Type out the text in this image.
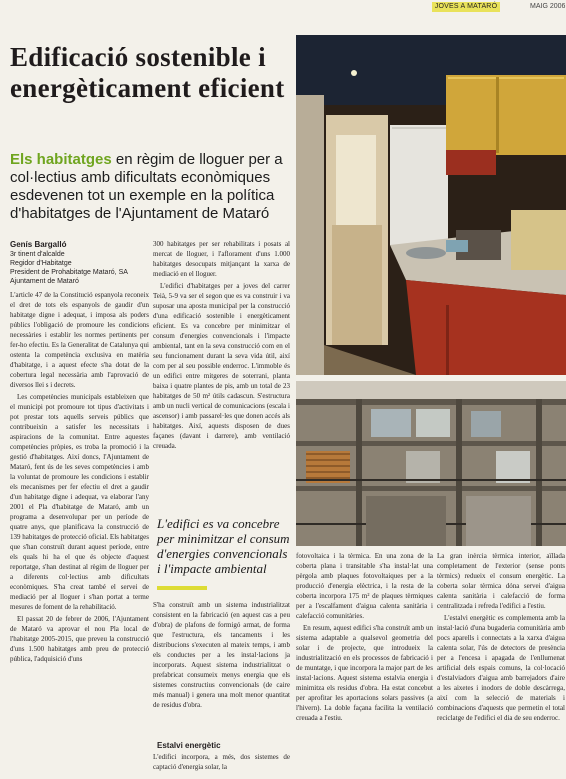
JOVES A MATARÓ	MAIG 2006
Edificació sostenible i energèticament eficient
Els habitatges en règim de lloguer per a col·lectius amb dificultats econòmiques esdevenen tot un exemple en la política d'habitatges de l'Ajuntament de Mataró
Genís Bargalló
3r tinent d'alcalde
Regidor d'Habitatge
President de Prohabitatge Mataró, SA
Ajuntament de Mataró

L'article 47 de la Constitució espanyola reconeix el dret de tots els espanyols de gaudir d'un habitatge digne i adequat, i imposa als poders públics l'obligació de promoure les condicions necessàries i establir les normes pertinents per fer-ho efectiu. Es la Generalitat de Catalunya qui ostenta la competència exclusiva en matèria d'habitatge, i a aquest efecte s'ha dotat de la cobertura legal necessària amb l'aprovació de diversos llei s i decrets.

Les competències municipals estableixen que el municipi pot promoure tot tipus d'activitats i pot prestar tots aquells serveis públics que contribueixin a satisfer les necessitats i aspiracions de la comunitat. Entre aquestes competències pròpies, es troba la promoció i la gestió d'habitatges. Així doncs, l'Ajuntament de Mataró, fent ús de les seves competències i amb la voluntat de promoure les condicions i establir els mecanismes per fer efectiu el dret a gaudir d'un habitatge digne i adequat, va elaborar l'any 2001 el Pla d'habitatge de Mataró, amb un programa a desenvolupar per un període de quatre anys, que planificava la construcció de 139 habitatges de protecció oficial. Els habitatges que s'han construït durant aquest període, entre els quals hi ha el que és objecte d'aquest reportatge, s'han destinat al règim de lloguer per a diferents col·lectius amb dificultats econòmiques. S'ha creat també el servei de mediació per al lloguer i s'han portat a terme mesures de foment de la rehabilitació.

El passat 20 de febrer de 2006, l'Ajuntament de Mataró va aprovar el nou Pla local de l'habitatge 2005-2015, que preveu la construcció d'uns 1.500 habitatges amb preu de protecció pública, l'adquisició d'uns

300 habitatges per ser rehabilitats i posats al mercat de lloguer, i l'aflorament d'uns 1.000 habitatges desocupats mitjançant la xarxa de mediació en el lloguer.

L'edifici d'habitatges per a joves del carrer Teià, 5-9 va ser el segon que es va construir i va suposar una aposta municipal per la construcció d'una edificació sostenible i energèticament eficient. Es va concebre per minimitzar el consum d'energies convencionals i l'impacte ambiental, tant en la seva construcció com en el seu funcionament durant la seva vida útil, així com per al seu possible enderroc. L'immoble és un edifici entre mitgeres de soterrani, planta baixa i quatre plantes de pis, amb un total de 23 habitatges de 50 m² útils cadascun. S'estructura amb un nucli vertical de comunicacions (escala i ascensor) i amb passarel·les que donen accés als habitatges. Així, aquests disposen de dues façanes (davant i darrere), amb ventilació creuada.

L'edifici es va concebre per minimitzar el consum d'energies convencionals i l'impacte ambiental

S'ha construït amb un sistema industrialitzat consistent en la fabricació (en aquest cas a peu d'obra) de plafons de formigó armat, de forma que l'estructura, els tancaments i les distribucions s'executen al mateix temps, i amb els conductes per a les instal·lacions ja incorporats. Aquest sistema industrialitzat o prefabricat consumeix menys energia que els sistemes constructius convencionals (de caire més manual) i genera una molt menor quantitat de residus d'obra.

Estalvi energètic

L'edifici incorpora, a més, dos sistemes de captació d'energia solar, la

fotovoltaica i la tèrmica. En una zona de la coberta plana i transitable s'ha instal·lat una pèrgola amb plaques fotovoltaiques per a la producció d'energia elèctrica, i la resta de la coberta incorpora 175 m² de plaques tèrmiques per a l'escalfament d'aigua calenta sanitària i calefacció comunitàries.

En resum, aquest edifici s'ha construït amb un sistema adaptable a qualsevol geometria del solar i de projecte, que introdueix la industrialització en els processos de fabricació i de muntatge, i que incorpora la major part de les instal·lacions. Aquest sistema estalvia energia i minimitza els residus d'obra. Ha estat concebut per aprofitar les aportacions solars passives (a l'hivern). La doble façana facilita la ventilació creuada a l'estiu.

La gran inèrcia tèrmica interior, aïllada completament de l'exterior (sense ponts tèrmics) redueix el consum energètic. La coberta solar tèrmica dóna servei d'aigua calenta sanitària i calefacció de forma centralitzada i refreda l'edifici a l'estiu.

L'estalvi energètic es complementa amb la instal·lació d'una bugaderia comunitària amb pocs aparells i connectats a la xarxa d'aigua calenta solar, l'ús de detectors de presència per a l'encesa i apagada de l'enllumenat artificial dels espais comuns, la col·locació d'estalviadors d'aigua amb barrejadors d'aire a les aixetes i inodors de doble descàrrega, així com la selecció de materials i combinacions d'aquests que permetin el total reciclatge de l'edifici el dia de seu enderroc.
